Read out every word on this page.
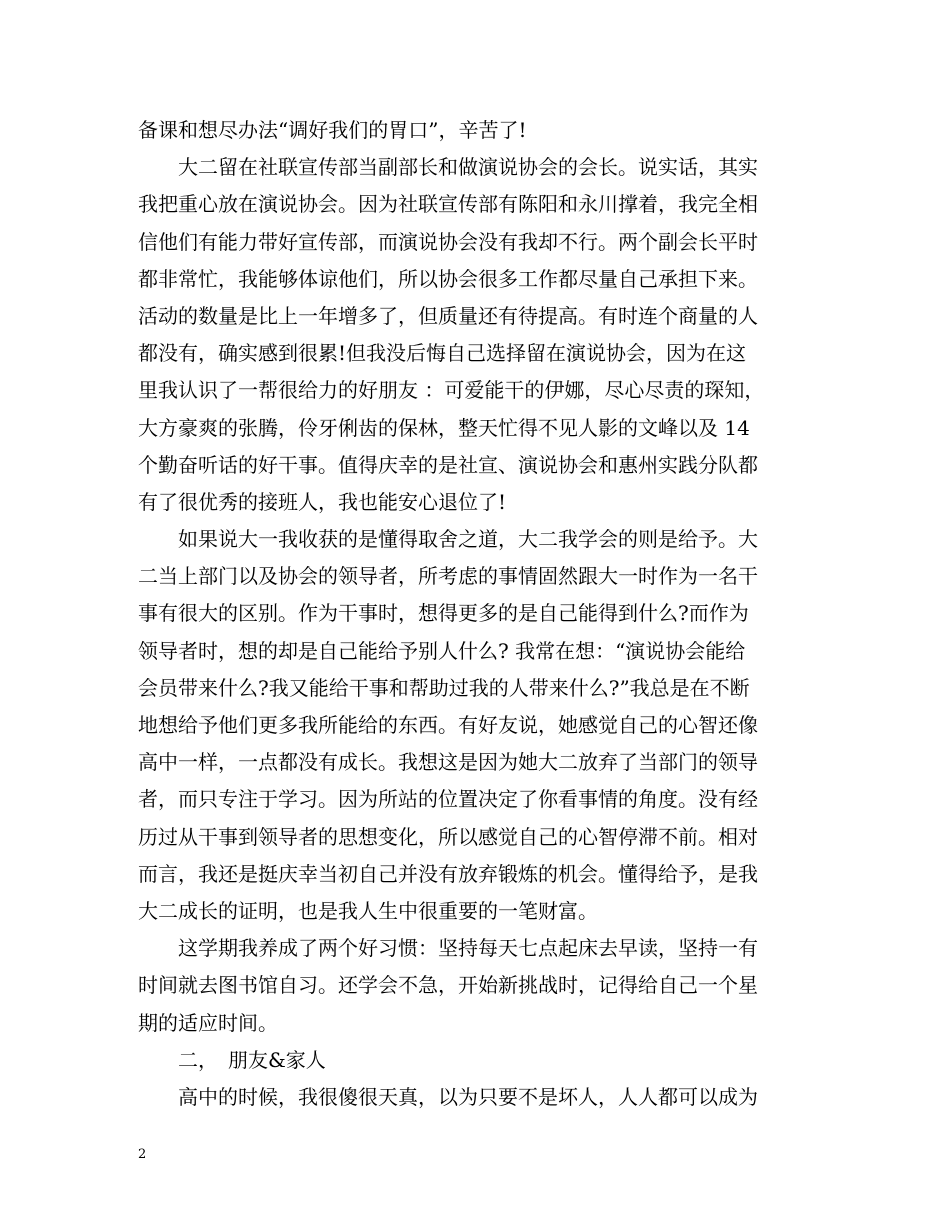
备课和想尽办法“调好我们的胃口”，辛苦了!
　　大二留在社联宣传部当副部长和做演说协会的会长。说实话，其实
我把重心放在演说协会。因为社联宣传部有陈阳和永川撑着，我完全相
信他们有能力带好宣传部，而演说协会没有我却不行。两个副会长平时
都非常忙，我能够体谅他们，所以协会很多工作都尽量自己承担下来。
活动的数量是比上一年增多了，但质量还有待提高。有时连个商量的人
都没有，确实感到很累!但我没后悔自己选择留在演说协会，因为在这
里我认识了一帮很给力的好朋友 ：可爱能干的伊娜，尽心尽责的琛知，
大方豪爽的张腾，伶牙俐齿的保林，整天忙得不见人影的文峰以及 14
个勤奋听话的好干事。值得庆幸的是社宣、演说协会和惠州实践分队都
有了很优秀的接班人，我也能安心退位了!
　　如果说大一我收获的是懂得取舍之道，大二我学会的则是给予。大
二当上部门以及协会的领导者，所考虑的事情固然跟大一时作为一名干
事有很大的区别。作为干事时，想得更多的是自己能得到什么?而作为
领导者时，想的却是自己能给予别人什么? 我常在想：“演说协会能给
会员带来什么?我又能给干事和帮助过我的人带来什么?”我总是在不断
地想给予他们更多我所能给的东西。有好友说，她感觉自己的心智还像
高中一样，一点都没有成长。我想这是因为她大二放弃了当部门的领导
者，而只专注于学习。因为所站的位置决定了你看事情的角度。没有经
历过从干事到领导者的思想变化，所以感觉自己的心智停滞不前。相对
而言，我还是挺庆幸当初自己并没有放弃锻炼的机会。懂得给予，是我
大二成长的证明，也是我人生中很重要的一笔财富。
　　这学期我养成了两个好习惯：坚持每天七点起床去早读，坚持一有
时间就去图书馆自习。还学会不急，开始新挑战时，记得给自己一个星
期的适应时间。
　　二，　朋友&家人
　　高中的时候，我很傻很天真，以为只要不是坏人，人人都可以成为
2
